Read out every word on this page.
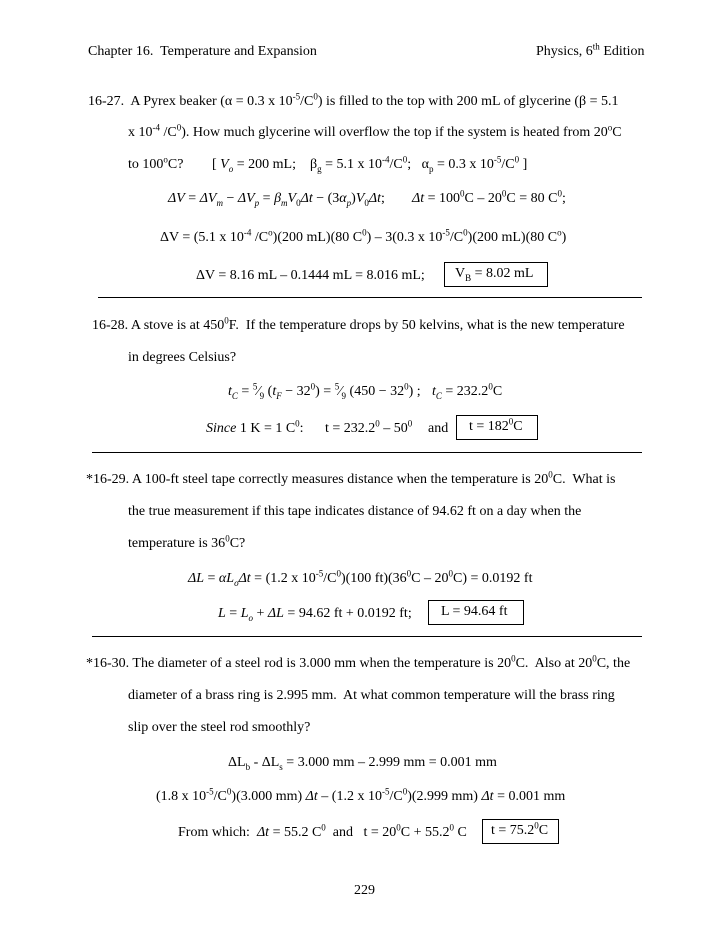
Chapter 16.  Temperature and Expansion	Physics, 6th Edition
16-27.  A Pyrex beaker (α = 0.3 x $10^{-5}/C^0$) is filled to the top with 200 mL of glycerine (β = 5.1
x $10^{-4}$ $/C^0$). How much glycerine will overflow the top if the system is heated from 20$^o$C
to 100$^o$C? [ $V_o = 200$ mL;    $\beta_g = 5.1$ x $10^{-4}/C^0$;   $\alpha_p = 0.3$ x $10^{-5}/C^0$ ]
$\Delta V = \Delta V_m - \Delta V_p = \beta_mV_0\Delta t - (3\alpha_p)V_0\Delta t$; $\Delta t = 100^0C - 20^0C = 80$ $C^0$;
ΔV = (5.1 x $10^{-4}$ $/C^o)(200$ mL)(80 $C^0) - 3(0.3$ x $10^{-5}/C^0)(200$ mL)(80 $C^o$)
ΔV = 8.16 mL – 0.1444 mL = 8.016 mL;	$V_B = 8.02$ mL
16-28. A stove is at $450^0F$.  If the temperature drops by 50 kelvins, what is the new temperature
in degrees Celsius?
$t_C$ = $^5⁄_9$ $(t_F - 32^0)$ = $^5⁄_9$ $(450 - 32^0)$ ; $t_C = 232.2^0C$
Since 1 K = 1 $C^0$: $t = 232.2^0 - 50^0$ and	$t = 182^0C$
*16-29. A 100-ft steel tape correctly measures distance when the temperature is $20^0C$.  What is
the true measurement if this tape indicates distance of 94.62 ft on a day when the
temperature is $36^0C$?
$\Delta L = \alpha L_o\Delta t = (1.2$ x $10^{-5}/C^0)(100$ $ft)(36^0C - 20^0C) = 0.0192$ ft
$L = L_o + \Delta L = 94.62$ ft + 0.0192 ft;	L = 94.64 ft
*16-30. The diameter of a steel rod is 3.000 mm when the temperature is $20^0C$.  Also at $20^0C$, the
diameter of a brass ring is 2.995 mm.  At what common temperature will the brass ring
slip over the steel rod smoothly?
$\Delta L_b - \Delta L_s = 3.000$ mm – 2.999 mm = 0.001 mm
(1.8 x $10^{-5}/C^0)(3.000$ mm) Δt – (1.2 x $10^{-5}/C^0)(2.999$ mm) Δt = 0.001 mm
From which:  Δt = 55.2 $C^0$  and   $t = 20^0C + 55.2^0$ C	$t = 75.2^0C$
229
